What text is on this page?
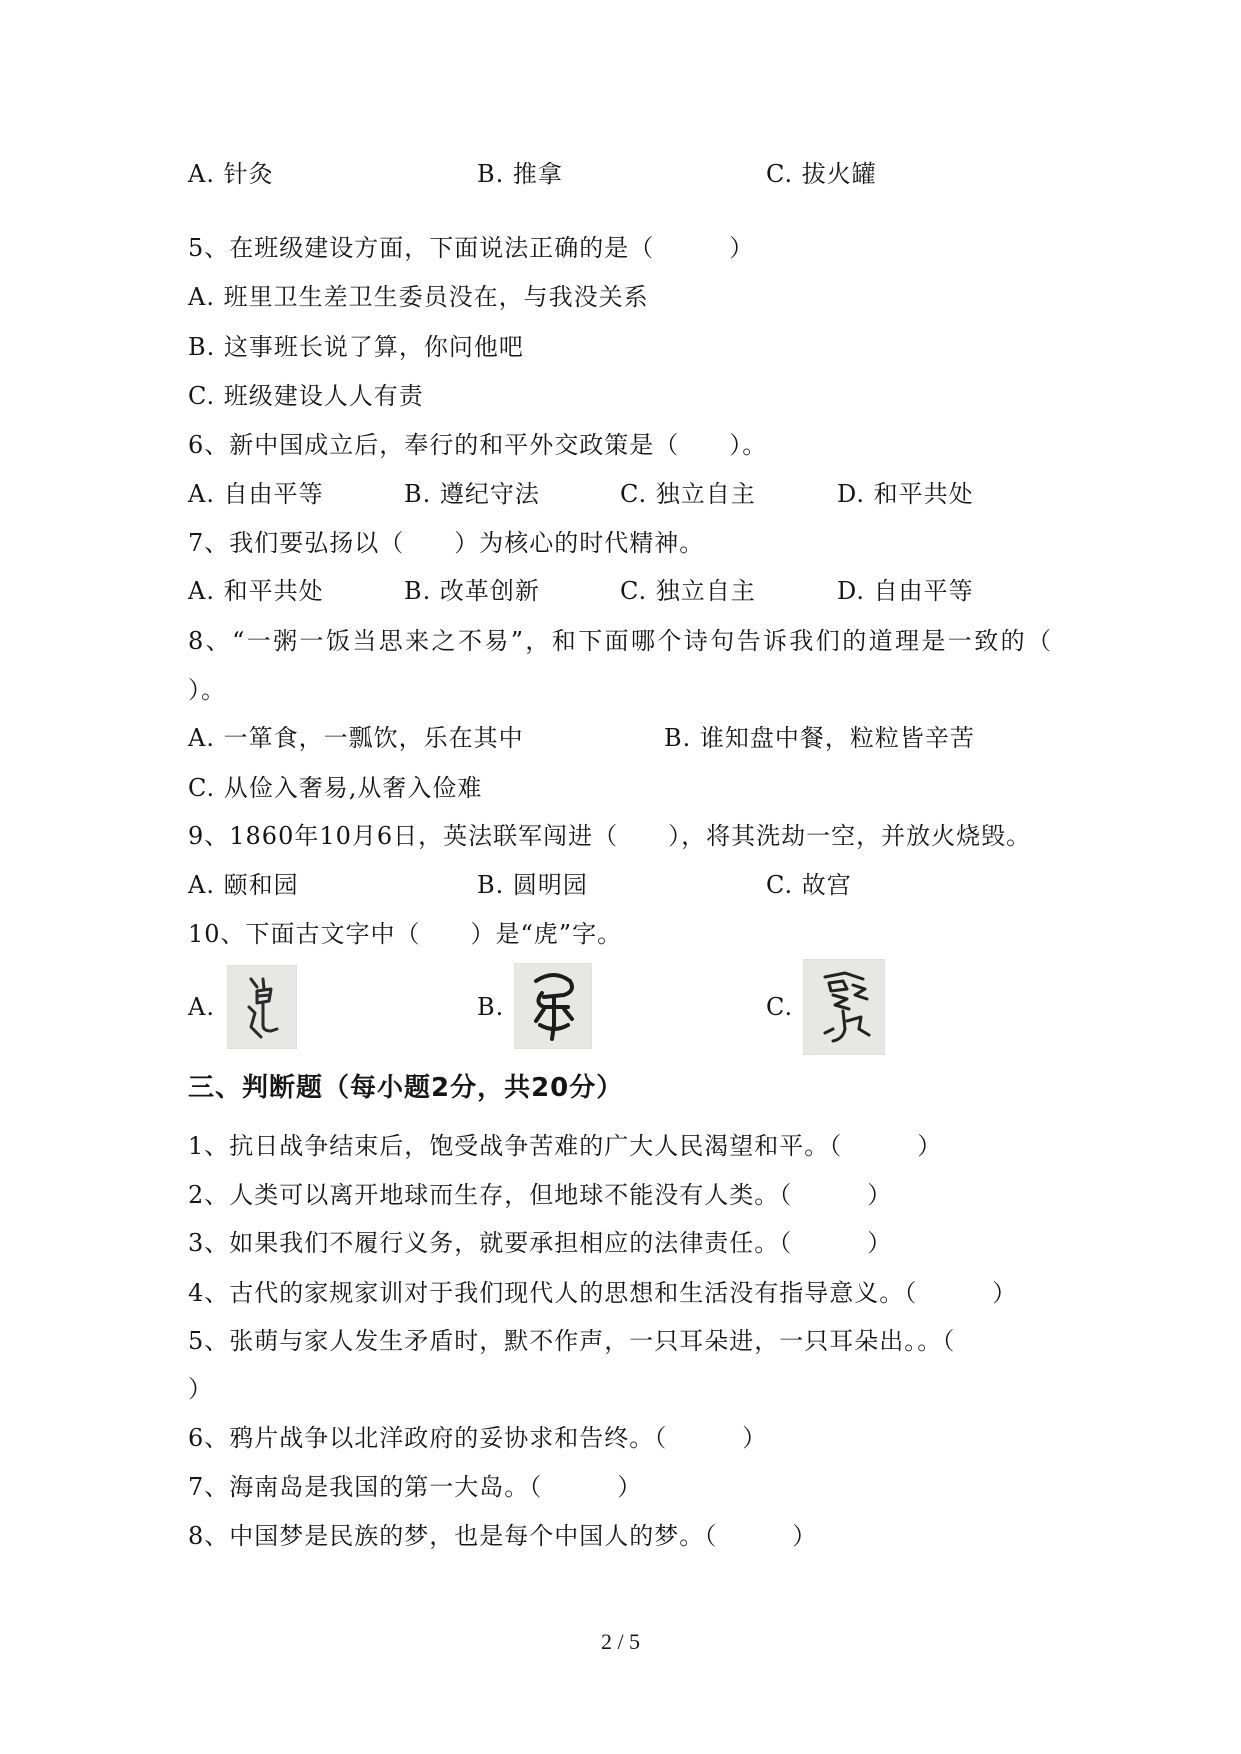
A. 针灸	B. 推拿	C. 拔火罐
5、在班级建设方面，下面说法正确的是（　　　）
A. 班里卫生差卫生委员没在，与我没关系
B. 这事班长说了算，你问他吧
C. 班级建设人人有责
6、新中国成立后，奉行的和平外交政策是（　　）。
A. 自由平等	B. 遵纪守法	C. 独立自主	D. 和平共处
7、我们要弘扬以（　　）为核心的时代精神。
A. 和平共处	B. 改革创新	C. 独立自主	D. 自由平等
8、“一粥一饭当思来之不易”，和下面哪个诗句告诉我们的道理是一致的（
）。
A. 一箪食，一瓢饮，乐在其中	B. 谁知盘中餐，粒粒皆辛苦
C. 从俭入奢易,从奢入俭难
9、1860年10月6日，英法联军闯进（　　），将其洗劫一空，并放火烧毁。
A. 颐和园	B. 圆明园	C. 故宫
10、下面古文字中（　　）是“虎”字。
A.	B.	C.
三、判断题（每小题2分，共20分）
1、抗日战争结束后，饱受战争苦难的广大人民渴望和平。（　　　）
2、人类可以离开地球而生存，但地球不能没有人类。（　　　）
3、如果我们不履行义务，就要承担相应的法律责任。（　　　）
4、古代的家规家训对于我们现代人的思想和生活没有指导意义。（　　　）
5、张萌与家人发生矛盾时，默不作声，一只耳朵进，一只耳朵出。。（
）
6、鸦片战争以北洋政府的妥协求和告终。（　　　）
7、海南岛是我国的第一大岛。（　　　）
8、中国梦是民族的梦，也是每个中国人的梦。（　　　）
2 / 5
